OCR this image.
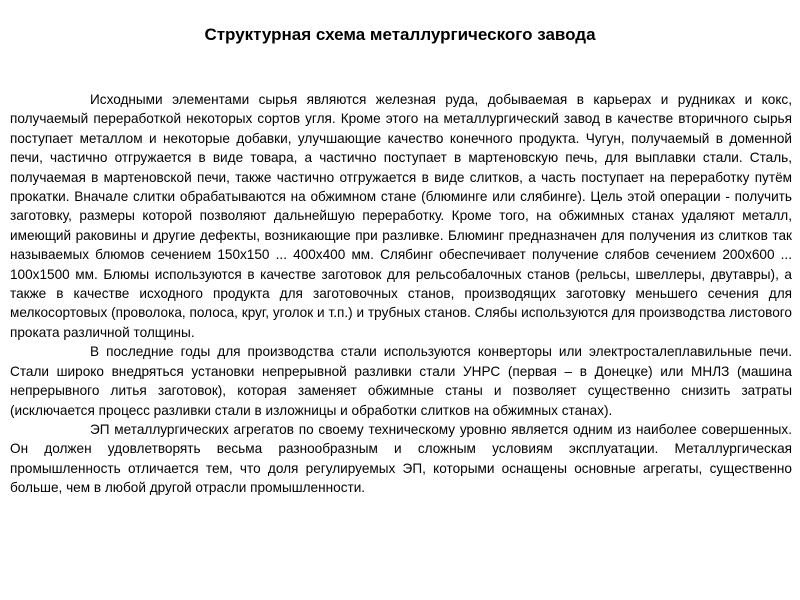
Структурная схема металлургического завода

Исходными элементами сырья являются железная руда, добываемая в карьерах и рудниках и кокс, получаемый переработкой некоторых сортов угля. Кроме этого на металлургический завод в качестве вторичного сырья поступает металлом и некоторые добавки, улучшающие качество конечного продукта. Чугун, получаемый в доменной печи, частично отгружается в виде товара, а частично поступает в мартеновскую печь, для выплавки стали. Сталь, получаемая в мартеновской печи, также частично отгружается в виде слитков, а часть поступает на переработку путём прокатки. Вначале слитки обрабатываются на обжимном стане (блюминге или слябинге). Цель этой операции - получить заготовку, размеры которой позволяют дальнейшую переработку. Кроме того, на обжимных станах удаляют металл, имеющий раковины и другие дефекты, возникающие при разливке. Блюминг предназначен для получения из слитков так называемых блюмов сечением 150х150 ... 400х400 мм. Слябинг обеспечивает получение слябов сечением 200х600 ... 100х1500 мм. Блюмы используются в качестве заготовок для рельсобалочных станов (рельсы, швеллеры, двутавры), а также в качестве исходного продукта для заготовочных станов, производящих заготовку меньшего сечения для мелкосортовых (проволока, полоса, круг, уголок и т.п.) и трубных станов. Слябы используются для производства листового проката различной толщины.

В последние годы для производства стали используются конверторы или электросталеплавильные печи. Стали широко внедряться установки непрерывной разливки стали УНРС (первая – в Донецке) или МНЛЗ (машина непрерывного литья заготовок), которая заменяет обжимные станы и позволяет существенно снизить затраты (исключается процесс разливки стали в изложницы и обработки слитков на обжимных станах).

ЭП металлургических агрегатов по своему техническому уровню является одним из наиболее совершенных. Он должен удовлетворять весьма разнообразным и сложным условиям эксплуатации. Металлургическая промышленность отличается тем, что доля регулируемых ЭП, которыми оснащены основные агрегаты, существенно больше, чем в любой другой отрасли промышленности.
